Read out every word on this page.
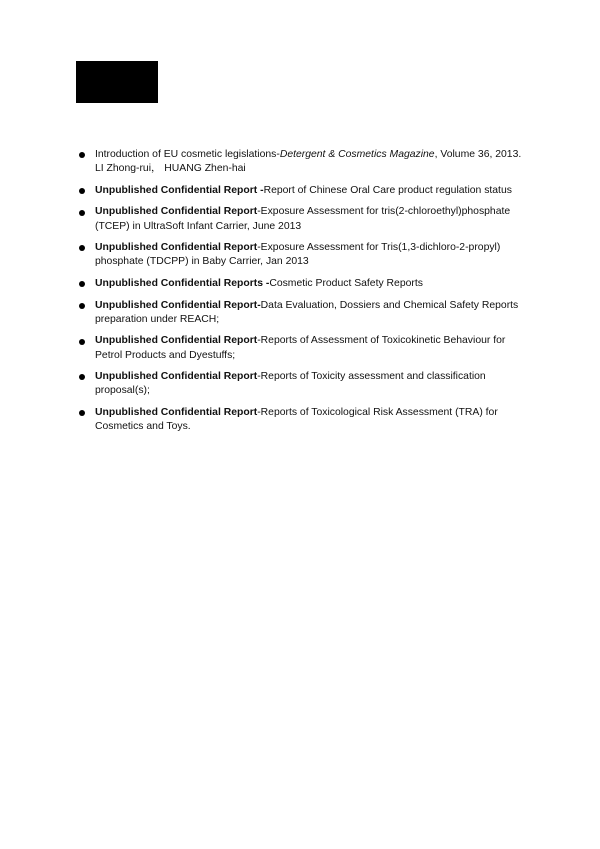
Introduction of EU cosmetic legislations-Detergent & Cosmetics Magazine, Volume 36, 2013. LI Zhong-rui， HUANG Zhen-hai
Unpublished Confidential Report -Report of Chinese Oral Care product regulation status
Unpublished Confidential Report-Exposure Assessment for tris(2-chloroethyl)phosphate (TCEP) in UltraSoft Infant Carrier, June 2013
Unpublished Confidential Report-Exposure Assessment for Tris(1,3-dichloro-2-propyl) phosphate (TDCPP) in Baby Carrier, Jan 2013
Unpublished Confidential Reports -Cosmetic Product Safety Reports
Unpublished Confidential Report-Data Evaluation, Dossiers and Chemical Safety Reports preparation under REACH;
Unpublished Confidential Report-Reports of Assessment of Toxicokinetic Behaviour for Petrol Products and Dyestuffs;
Unpublished Confidential Report-Reports of Toxicity assessment and classification proposal(s);
Unpublished Confidential Report-Reports of Toxicological Risk Assessment (TRA) for Cosmetics and Toys.
